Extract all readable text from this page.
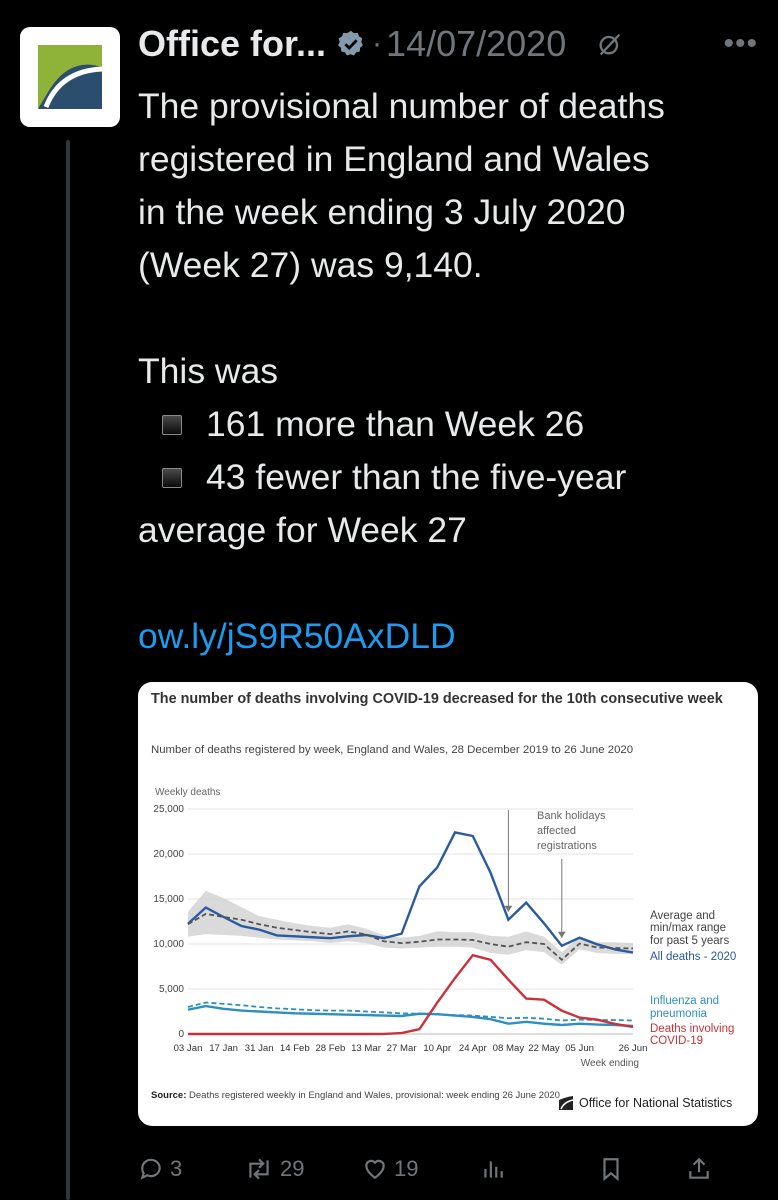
Office for... · 14/07/2020	•••

The provisional number of deaths

registered in England and Wales

in the week ending 3 July 2020

(Week 27) was 9,140.

This was

161 more than Week 26

43 fewer than the five-year

average for Week 27

ow.ly/jS9R50AxDLD

The number of deaths involving COVID-19 decreased for the 10th consecutive week
Number of deaths registered by week, England and Wales, 28 December 2019 to 26 June 2020
Weekly deaths
0
5,000
10,000
15,000
20,000
25,000
03 Jan 17 Jan 31 Jan 14 Feb 28 Feb 13 Mar 27 Mar 10 Apr 24 Apr 08 May 22 May 05 Jun	26 Jun
Week ending
Bank holidays
affected
registrations
Average and
min/max range
for past 5 years
All deaths - 2020
Influenza and
pneumonia
Deaths involving
COVID-19
Source: Deaths registered weekly in England and Wales, provisional: week ending 26 June 2020
Office for National Statistics
3	29	19
